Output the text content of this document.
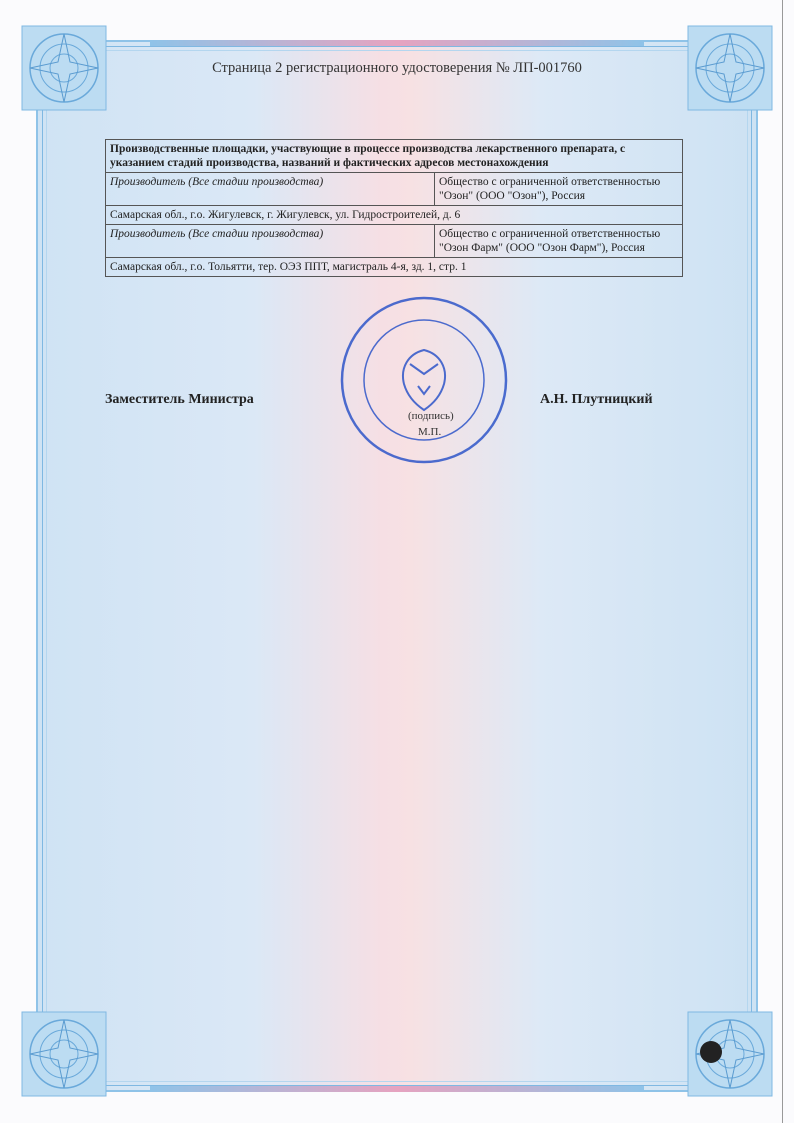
Страница 2 регистрационного удостоверения № ЛП-001760
Производственные площадки, участвующие в процессе производства лекарственного препарата, с указанием стадий производства, названий и фактических адресов местонахождения	
Производитель (Все стадии производства)	Общество с ограниченной ответственностью "Озон" (ООО "Озон"), Россия
Самарская обл., г.о. Жигулевск, г. Жигулевск, ул. Гидростроителей, д. 6	
Производитель (Все стадии производства)	Общество с ограниченной ответственностью "Озон Фарм" (ООО "Озон Фарм"), Россия
Самарская обл., г.о. Тольятти, тер. ОЭЗ ППТ, магистраль 4-я, зд. 1, стр. 1	
Заместитель Министра
(подпись)
М.П.
А.Н. Плутницкий
